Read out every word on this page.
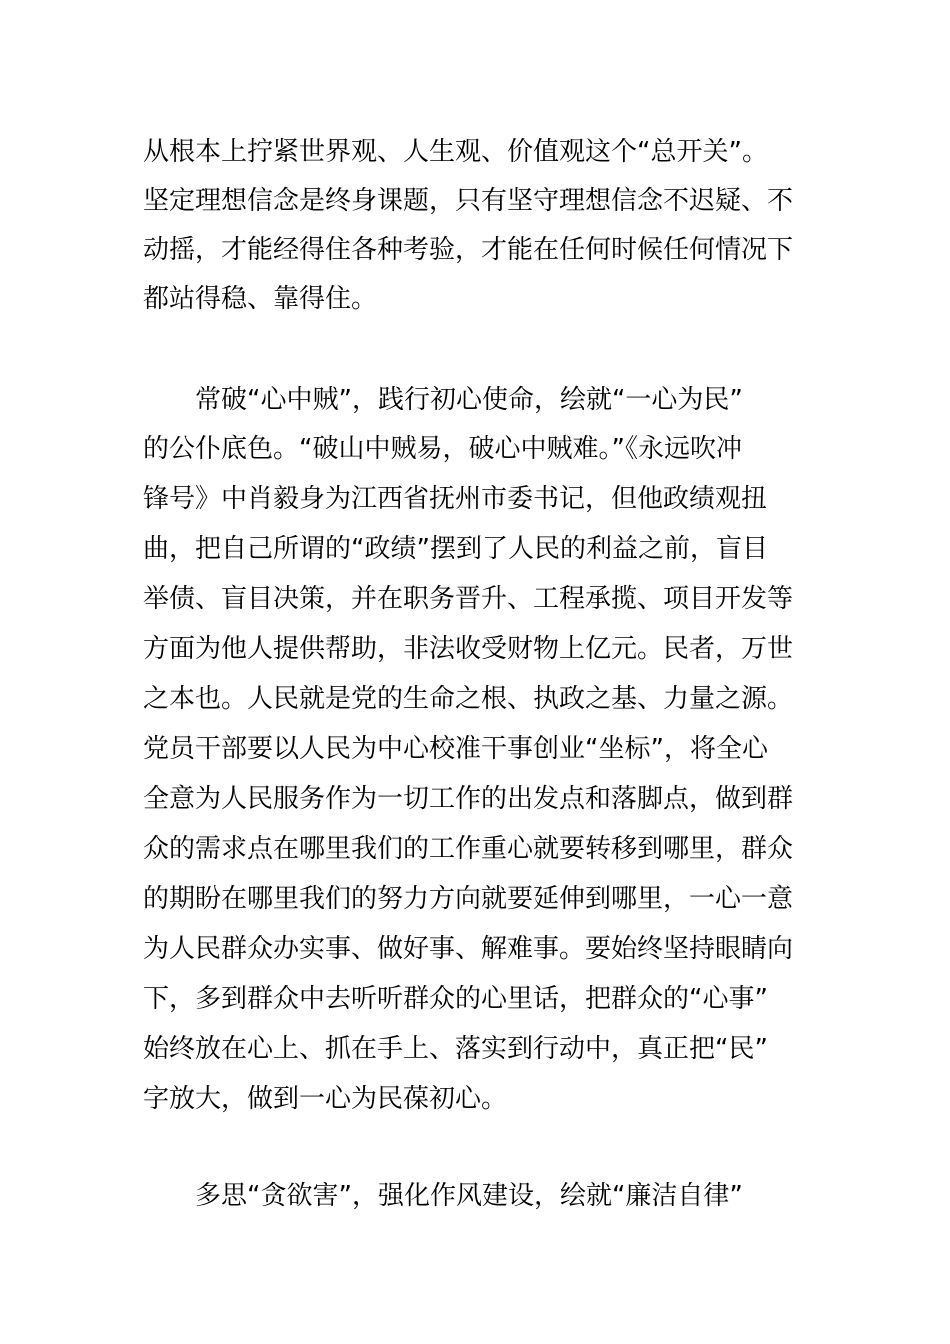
从根本上拧紧世界观、人生观、价值观这个“总开关”。
坚定理想信念是终身课题，只有坚守理想信念不迟疑、不
动摇，才能经得住各种考验，才能在任何时候任何情况下
都站得稳、靠得住。
常破“心中贼”，践行初心使命，绘就“一心为民”
的公仆底色。“破山中贼易，破心中贼难。”《永远吹冲
锋号》中肖毅身为江西省抚州市委书记，但他政绩观扭
曲，把自己所谓的“政绩”摆到了人民的利益之前，盲目
举债、盲目决策，并在职务晋升、工程承揽、项目开发等
方面为他人提供帮助，非法收受财物上亿元。民者，万世
之本也。人民就是党的生命之根、执政之基、力量之源。
党员干部要以人民为中心校准干事创业“坐标”，将全心
全意为人民服务作为一切工作的出发点和落脚点，做到群
众的需求点在哪里我们的工作重心就要转移到哪里，群众
的期盼在哪里我们的努力方向就要延伸到哪里，一心一意
为人民群众办实事、做好事、解难事。要始终坚持眼睛向
下，多到群众中去听听群众的心里话，把群众的“心事”
始终放在心上、抓在手上、落实到行动中，真正把“民”
字放大，做到一心为民葆初心。
多思“贪欲害”，强化作风建设，绘就“廉洁自律”
